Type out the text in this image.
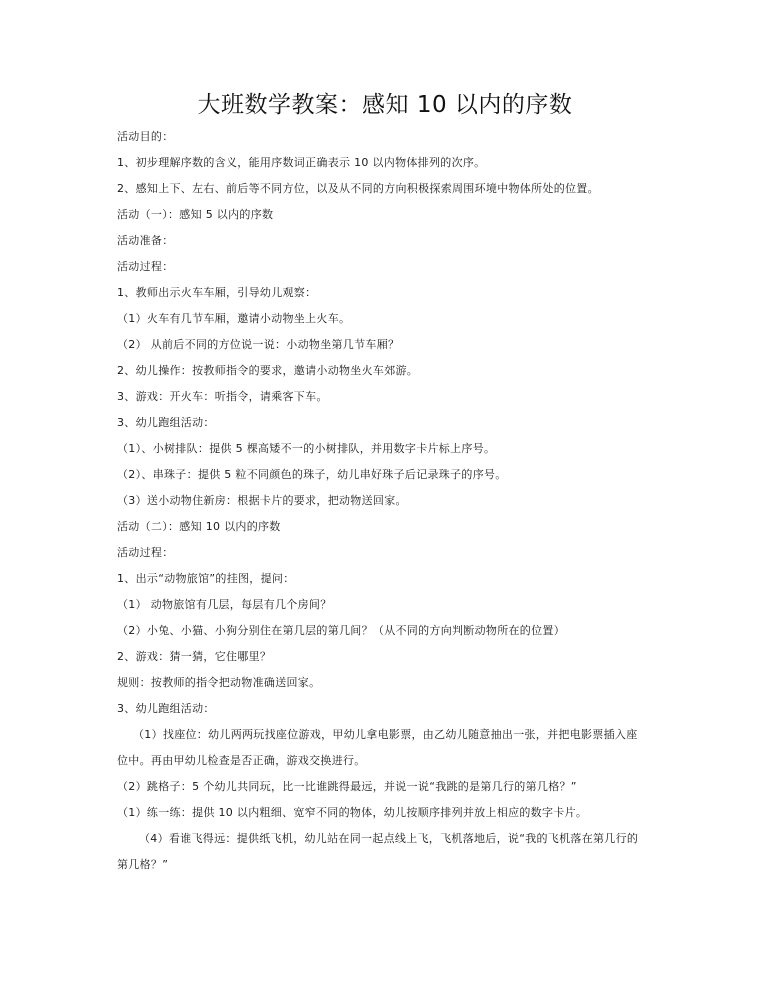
大班数学教案：感知 10 以内的序数
活动目的：
1、初步理解序数的含义，能用序数词正确表示 10 以内物体排列的次序。
2、感知上下、左右、前后等不同方位，以及从不同的方向积极探索周围环境中物体所处的位置。
活动（一）：感知 5 以内的序数
活动准备：
活动过程：
1、教师出示火车车厢，引导幼儿观察：
（1）火车有几节车厢，邀请小动物坐上火车。
（2） 从前后不同的方位说一说：小动物坐第几节车厢？
2、幼儿操作：按教师指令的要求，邀请小动物坐火车郊游。
3、游戏：开火车：听指令，请乘客下车。
3、幼儿跑组活动：
（1）、小树排队：提供 5 棵高矮不一的小树排队，并用数字卡片标上序号。
（2）、串珠子：提供 5 粒不同颜色的珠子，幼儿串好珠子后记录珠子的序号。
（3）送小动物住新房：根据卡片的要求，把动物送回家。
活动（二）：感知 10 以内的序数
活动过程：
1、出示“动物旅馆”的挂图，提问：
（1） 动物旅馆有几层，每层有几个房间？
（2）小兔、小猫、小狗分别住在第几层的第几间？（从不同的方向判断动物所在的位置）
2、游戏：猜一猜，它住哪里？
规则：按教师的指令把动物准确送回家。
3、幼儿跑组活动：
（1）找座位：幼儿两两玩找座位游戏，甲幼儿拿电影票，由乙幼儿随意抽出一张，并把电影票插入座
位中。再由甲幼儿检查是否正确，游戏交换进行。
（2）跳格子：5 个幼儿共同玩，比一比谁跳得最远，并说一说“我跳的是第几行的第几格？”
（1）练一练：提供 10 以内粗细、宽窄不同的物体，幼儿按顺序排列并放上相应的数字卡片。
（4）看谁飞得远：提供纸飞机，幼儿站在同一起点线上飞，飞机落地后，说“我的飞机落在第几行的
第几格？”
